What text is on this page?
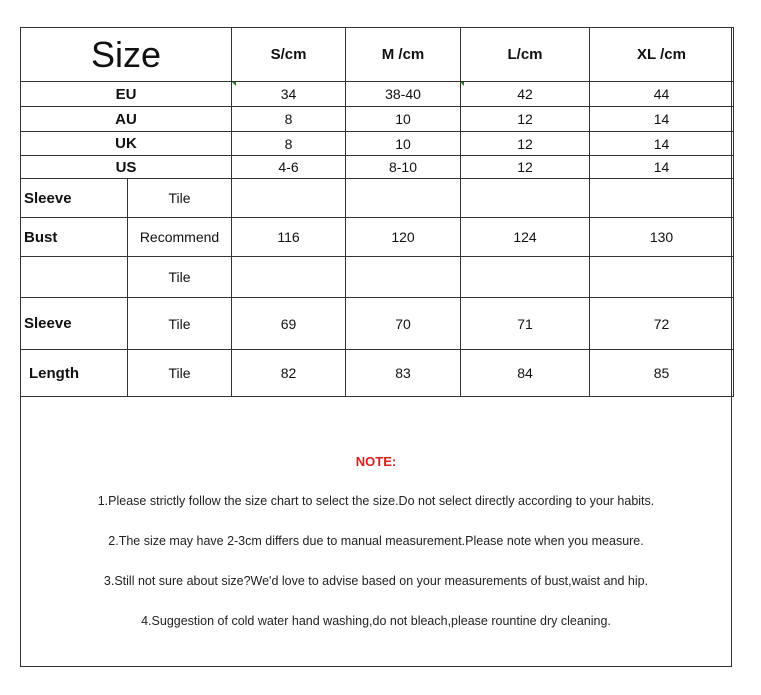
Size		S/cm	M /cm	L/cm	XL /cm
EU		34	38-40	42	44
AU		8	10	12	14
UK		8	10	12	14
US		4-6	8-10	12	14
Sleeve	Tile				
Bust	Recommend	116	120	124	130
	Tile				
Sleeve	Tile	69	70	71	72
Length	Tile	82	83	84	85
NOTE:
1.Please strictly follow the size chart to select the size.Do not select directly according to your habits.
2.The size may have 2-3cm differs due to manual measurement.Please note when you measure.
3.Still not sure about size?We'd love to advise based on your measurements of bust,waist and hip.
4.Suggestion of cold water hand washing,do not bleach,please rountine dry cleaning.
